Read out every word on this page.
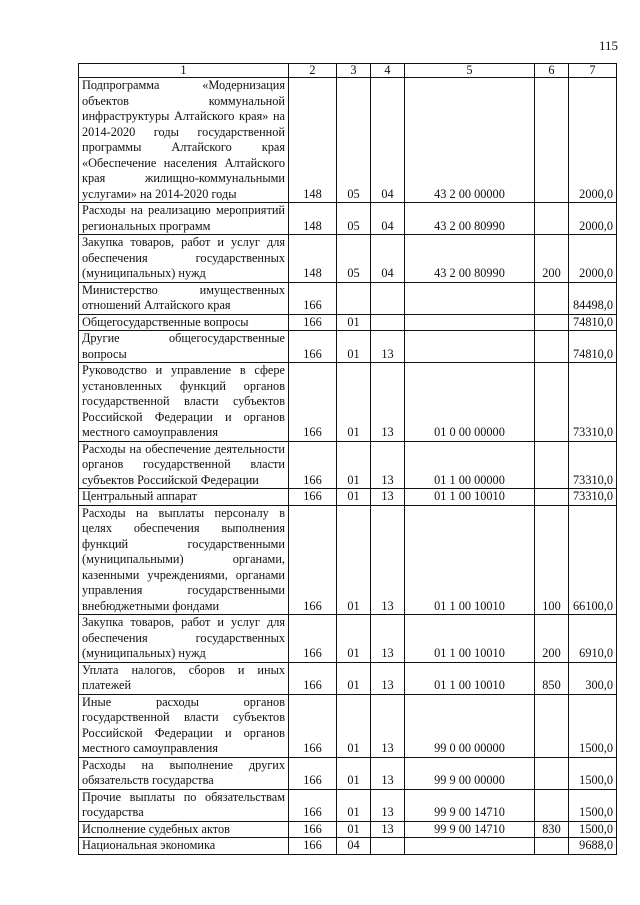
115
1	2	3	4	5	6	7
Подпрограмма «Модернизация объектов коммунальной инфраструктуры Алтайского края» на 2014-2020 годы государственной программы Алтайского края «Обеспечение населения Алтайского края жилищно-коммунальными услугами» на 2014-2020 годы	148	05	04	43 2 00 00000		2000,0
Расходы на реализацию мероприятий региональных программ	148	05	04	43 2 00 80990		2000,0
Закупка товаров, работ и услуг для обеспечения государственных (муниципальных) нужд	148	05	04	43 2 00 80990	200	2000,0
Министерство имущественных отношений Алтайского края	166					84498,0
Общегосударственные вопросы	166	01				74810,0
Другие общегосударственные вопросы	166	01	13			74810,0
Руководство и управление в сфере установленных функций органов государственной власти субъектов Российской Федерации и органов местного самоуправления	166	01	13	01 0 00 00000		73310,0
Расходы на обеспечение деятельности органов государственной власти субъектов Российской Федерации	166	01	13	01 1 00 00000		73310,0
Центральный аппарат	166	01	13	01 1 00 10010		73310,0
Расходы на выплаты персоналу в целях обеспечения выполнения функций государственными (муниципальными) органами, казенными учреждениями, органами управления государственными внебюджетными фондами	166	01	13	01 1 00 10010	100	66100,0
Закупка товаров, работ и услуг для обеспечения государственных (муниципальных) нужд	166	01	13	01 1 00 10010	200	6910,0
Уплата налогов, сборов и иных платежей	166	01	13	01 1 00 10010	850	300,0
Иные расходы органов государственной власти субъектов Российской Федерации и органов местного самоуправления	166	01	13	99 0 00 00000		1500,0
Расходы на выполнение других обязательств государства	166	01	13	99 9 00 00000		1500,0
Прочие выплаты по обязательствам государства	166	01	13	99 9 00 14710		1500,0
Исполнение судебных актов	166	01	13	99 9 00 14710	830	1500,0
Национальная экономика	166	04				9688,0
